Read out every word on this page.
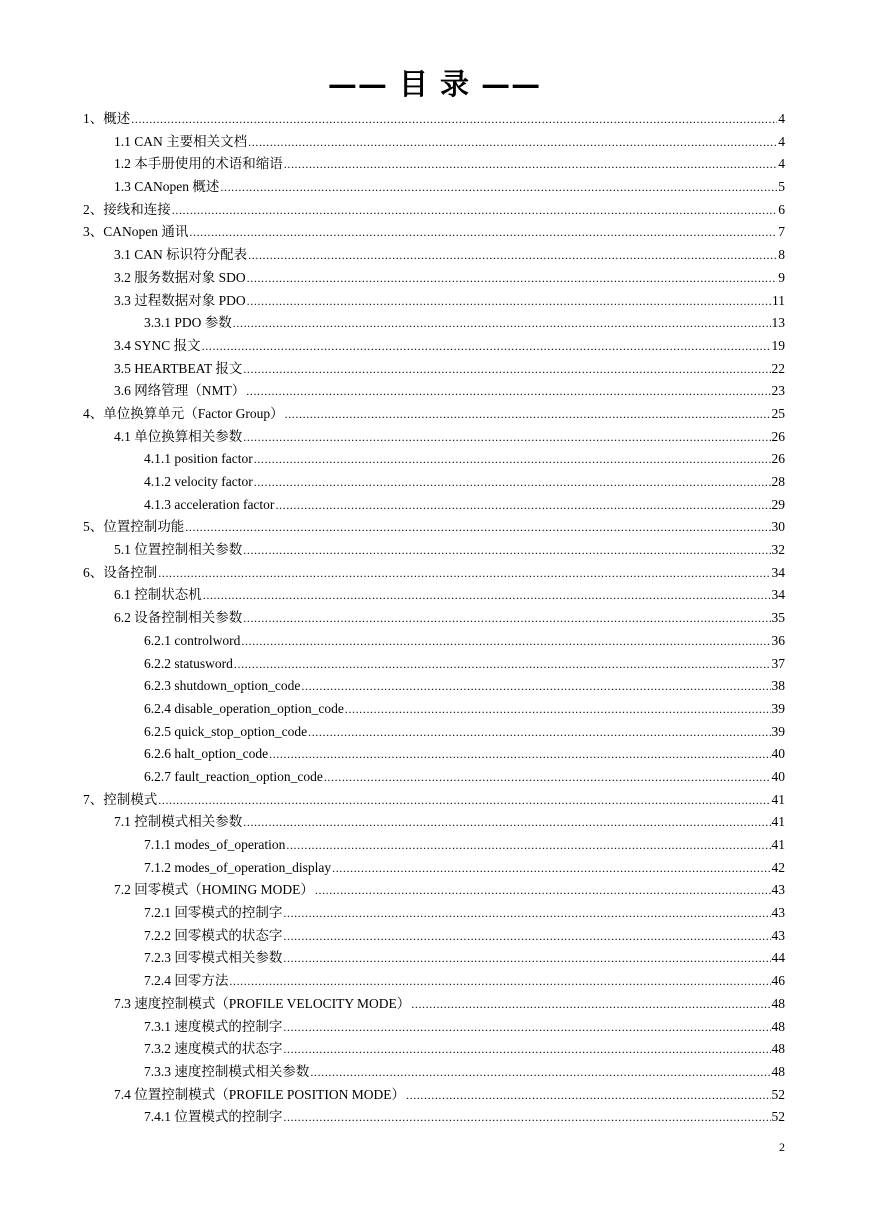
—— 目 录 ——
1、概述 .....	4
1.1 CAN 主要相关文档 .....	4
1.2 本手册使用的术语和缩语 .....	4
1.3 CANopen 概述 .....	5
2、接线和连接 .....	6
3、CANopen 通讯 .....	7
3.1 CAN 标识符分配表 .....	8
3.2 服务数据对象 SDO .....	9
3.3 过程数据对象 PDO .....	11
3.3.1 PDO 参数 .....	13
3.4 SYNC 报文 .....	19
3.5 HEARTBEAT 报文 .....	22
3.6 网络管理（NMT） .....	23
4、单位换算单元（Factor Group） .....	25
4.1 单位换算相关参数 .....	26
4.1.1 position factor .....	26
4.1.2 velocity factor .....	28
4.1.3 acceleration factor .....	29
5、位置控制功能 .....	30
5.1 位置控制相关参数 .....	32
6、设备控制 .....	34
6.1 控制状态机 .....	34
6.2 设备控制相关参数 .....	35
6.2.1 controlword .....	36
6.2.2 statusword .....	37
6.2.3 shutdown_option_code .....	38
6.2.4 disable_operation_option_code .....	39
6.2.5 quick_stop_option_code .....	39
6.2.6 halt_option_code .....	40
6.2.7 fault_reaction_option_code .....	40
7、控制模式 .....	41
7.1 控制模式相关参数 .....	41
7.1.1 modes_of_operation .....	41
7.1.2 modes_of_operation_display .....	42
7.2 回零模式（HOMING MODE） .....	43
7.2.1 回零模式的控制字 .....	43
7.2.2 回零模式的状态字 .....	43
7.2.3 回零模式相关参数 .....	44
7.2.4 回零方法 .....	46
7.3 速度控制模式（PROFILE VELOCITY MODE） .....	48
7.3.1 速度模式的控制字 .....	48
7.3.2 速度模式的状态字 .....	48
7.3.3 速度控制模式相关参数 .....	48
7.4 位置控制模式（PROFILE POSITION MODE） .....	52
7.4.1 位置模式的控制字 .....	52
2
